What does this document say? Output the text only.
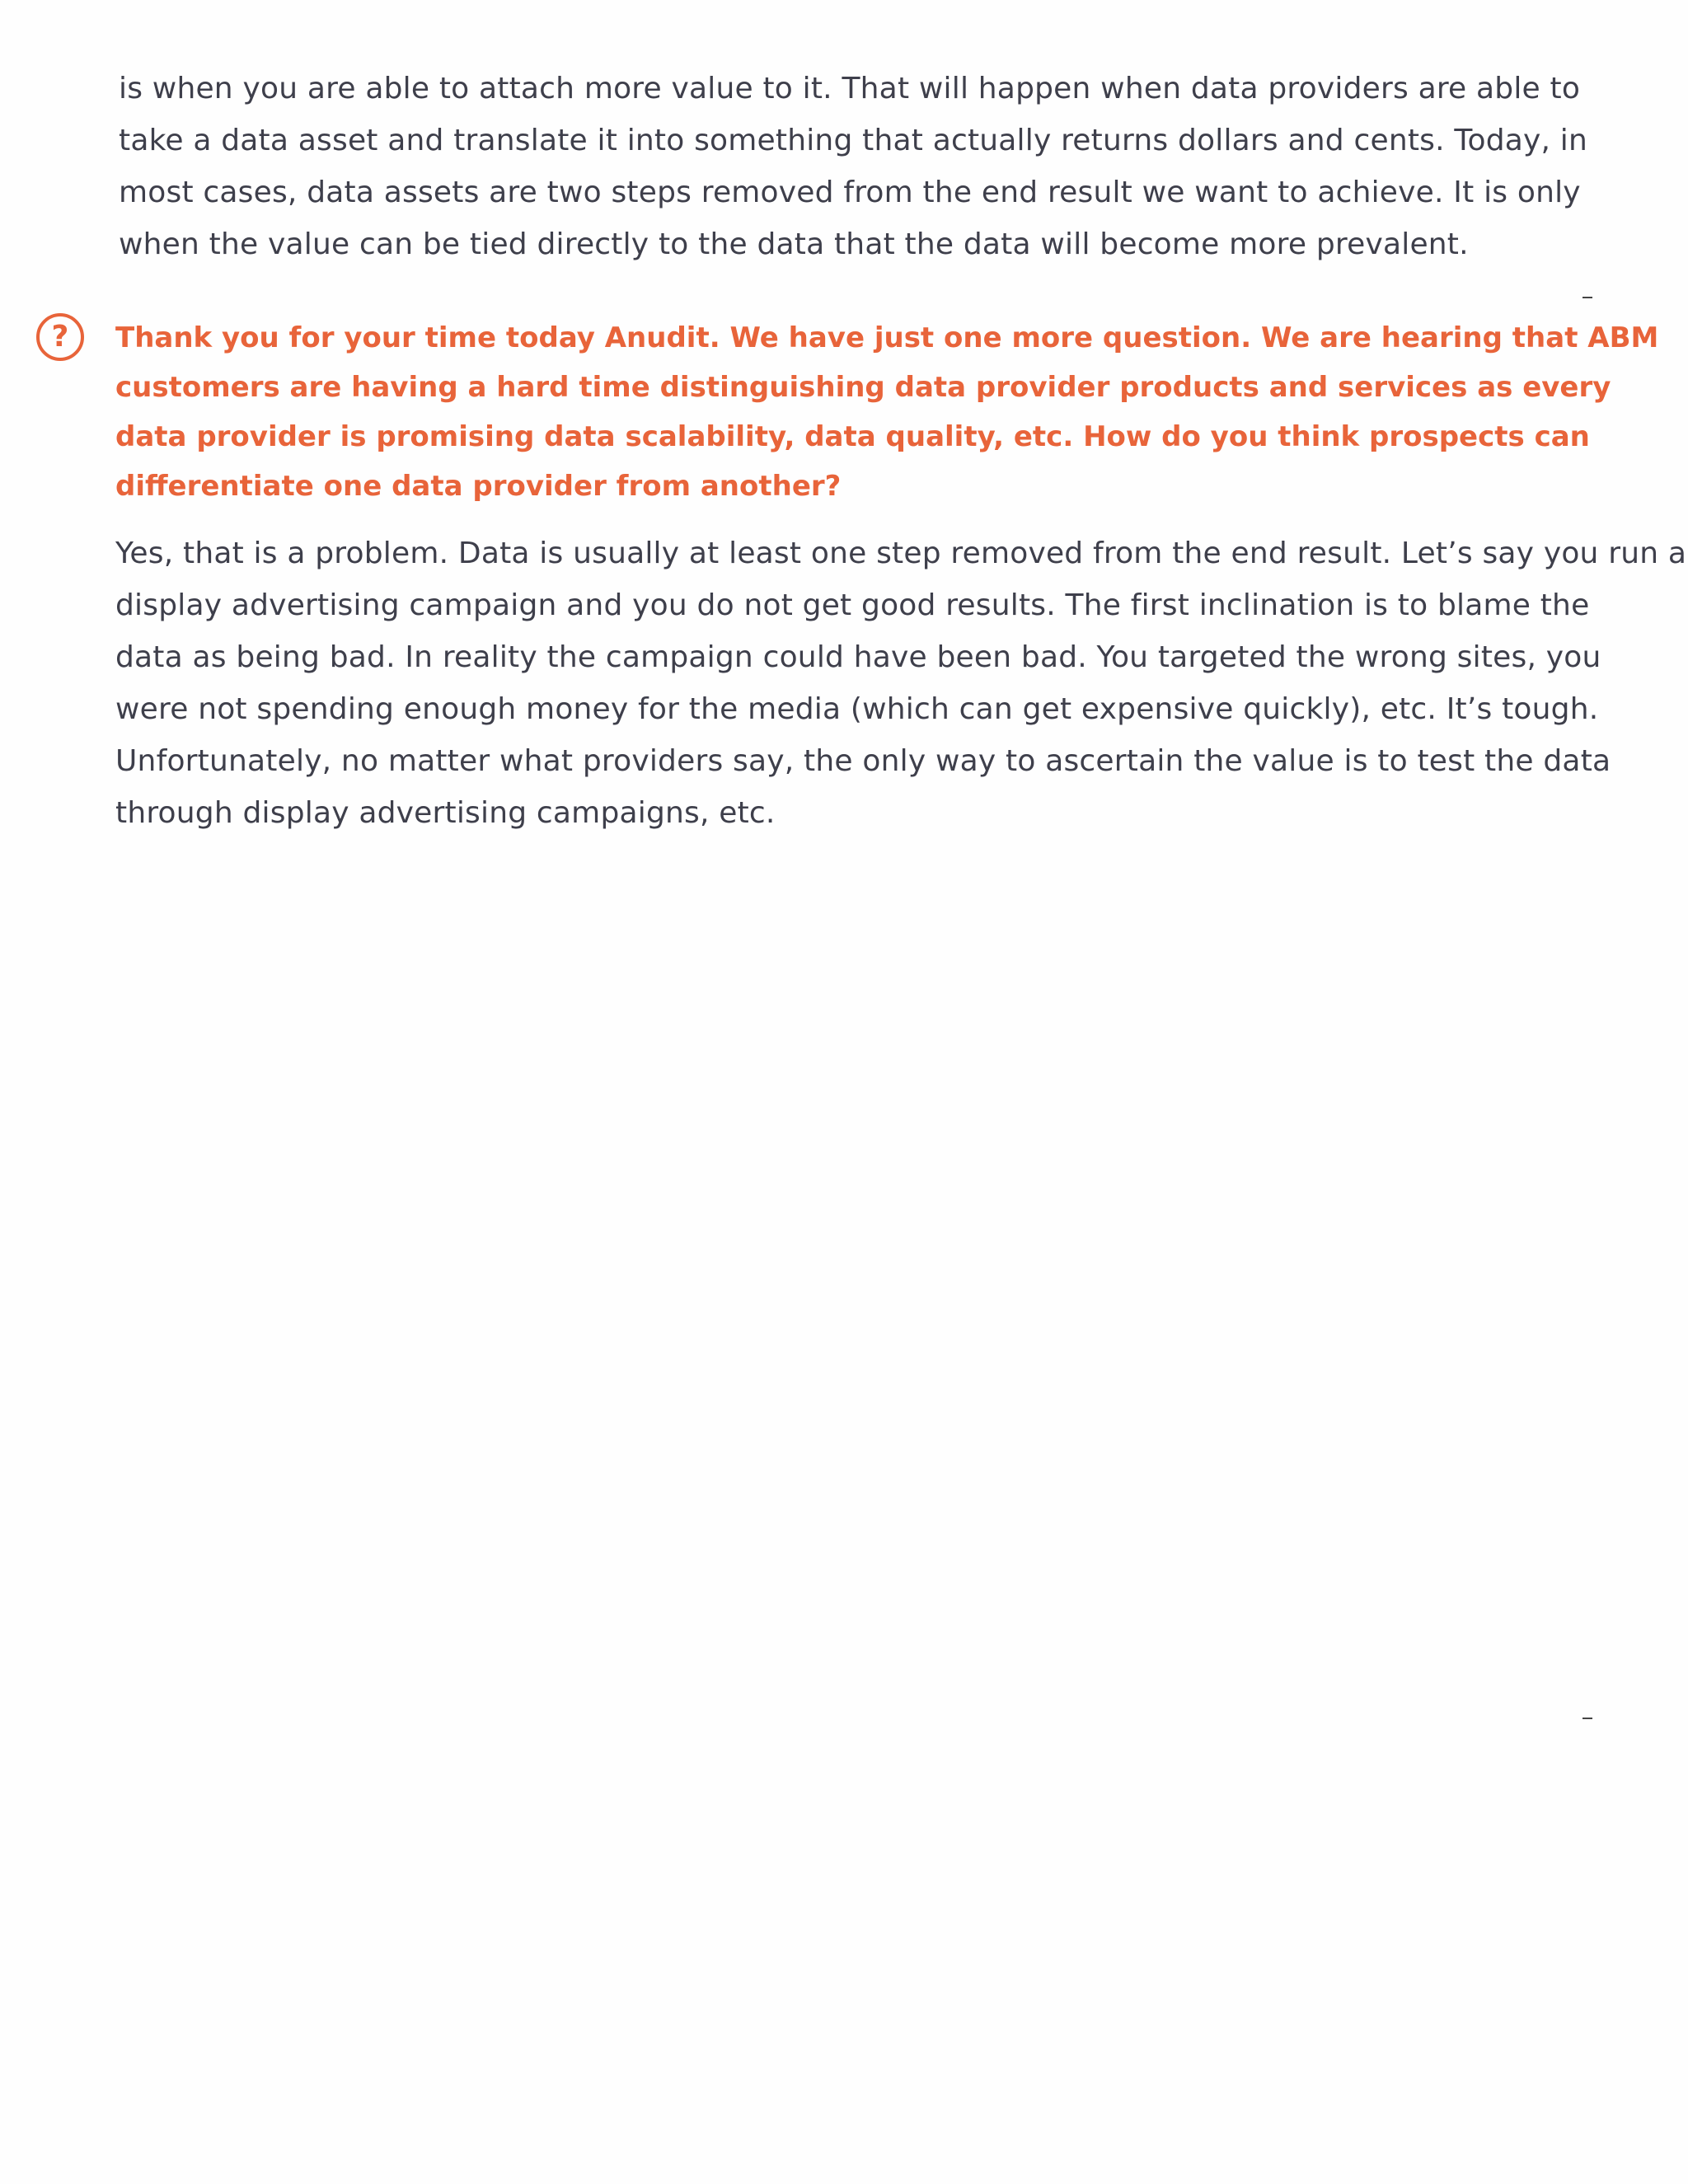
is when you are able to attach more value to it. That will happen when data providers are able to
take a data asset and translate it into something that actually returns dollars and cents. Today, in
most cases, data assets are two steps removed from the end result we want to achieve. It is only
when the value can be tied directly to the data that the data will become more prevalent.

?	Thank you for your time today Anudit. We have just one more question. We are hearing that ABM
customers are having a hard time distinguishing data provider products and services as every
data provider is promising data scalability, data quality, etc. How do you think prospects can
differentiate one data provider from another?

Yes, that is a problem. Data is usually at least one step removed from the end result. Let’s say you run a
display advertising campaign and you do not get good results. The first inclination is to blame the
data as being bad. In reality the campaign could have been bad. You targeted the wrong sites, you
were not spending enough money for the media (which can get expensive quickly), etc. It’s tough.
Unfortunately, no matter what providers say, the only way to ascertain the value is to test the data
through display advertising campaigns, etc.
